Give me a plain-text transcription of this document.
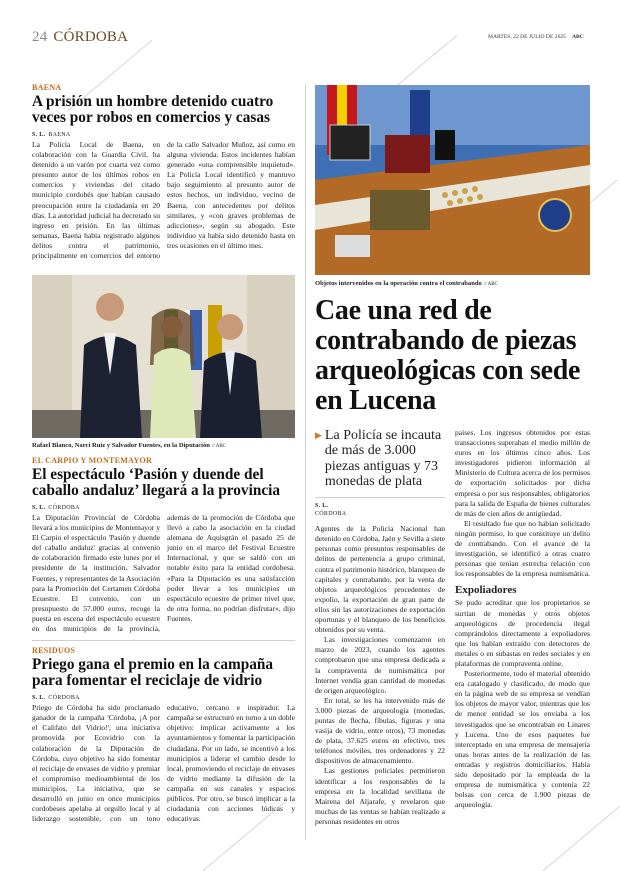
24 CÓRDOBA	MARTES, 22 DE JULIO DE 2025 ABC
BAENA
A prisión un hombre detenido cuatro veces por robos en comercios y casas
S. L. BAENA

La Policía Local de Baena, en colaboración con la Guardia Civil, ha detenido a un varón por cuarta vez como presunto autor de los últimos robos en comercios y viviendas del citado municipio cordobés que habían causado preocupación entre la ciudadanía en 20 días. La autoridad judicial ha decretado su ingreso en prisión. En las últimas semanas, Baena había registrado algunos delitos contra el patrimonio, principalmente en comercios del entorno de la calle Salvador Muñoz, así como en alguna vivienda. Estos incidentes habían generado «una comprensible inquietud». La Policía Local identificó y mantuvo bajo seguimiento al presunto autor de estos hechos, un individuo, vecino de Baena, con antecedentes por delitos similares, y «con graves problemas de adicciones», según su abogado. Este individuo ya había sido detenido hasta en tres ocasiones en el último mes.

Rafael Blanco, Narci Ruiz y Salvador Fuentes, en la Diputación // ABC
EL CARPIO Y MONTEMAYOR
El espectáculo ‘Pasión y duende del caballo andaluz’ llegará a la provincia
S. L. CÓRDOBA

La Diputación Provincial de Córdoba llevará a los municipios de Montemayor y El Carpio el espectáculo 'Pasión y duende del caballo andaluz' gracias al convenio de colaboración firmado este lunes por el presidente de la institución, Salvador Fuentes, y representantes de la Asociación para la Promoción del Certamen Córdoba Ecuestre. El convenio, con un presupuesto de 57.000 euros, recoge la puesta en escena del espectáculo ecuestre en dos municipios de la provincia, además de la promoción de Córdoba que llevó a cabo la asociación en la ciudad alemana de Aquisgrán el pasado 25 de junio en el marco del Festival Ecuestre Internacional, y que se saldó con un notable éxito para la entidad cordobesa. «Para la Diputación es una satisfacción poder llevar a los municipios un espectáculo ecuestre de primer nivel que, de otra forma, no podrían disfrutar», dijo Fuentes.

RESIDUOS
Priego gana el premio en la campaña para fomentar el reciclaje de vidrio
S. L. CÓRDOBA

Priego de Córdoba ha sido proclamado ganador de la campaña 'Córdoba, ¡A por el Califato del Vidrio!'; una iniciativa promovida por Ecovidrio con la colaboración de la Diputación de Córdoba, cuyo objetivo ha sido fomentar el reciclaje de envases de vidrio y premiar el compromiso medioambiental de los municipios. La iniciativa, que se desarrolló en junio en once municipios cordobeses apelaba al orgullo local y al liderazgo sostenible, con un tono educativo, cercano e inspirador. La campaña se estructuró en torno a un doble objetivo: implicar activamente a los ayuntamientos y fomentar la participación ciudadana. Por un lado, se incentivó a los municipios a liderar el cambio desde lo local, promoviendo el reciclaje de envases de vidrio mediante la difusión de la campaña en sus canales y espacios públicos. Por otro, se buscó implicar a la ciudadanía con acciones lúdicas y educativas.

Objetos intervenidos en la operación contra el contrabando // ABC
Cae una red de contrabando de piezas arqueológicas con sede en Lucena
▶ La Policía se incauta de más de 3.000 piezas antiguas y 73 monedas de plata
S. L.
CÓRDOBA

Agentes de la Policía Nacional han detenido en Córdoba, Jaén y Sevilla a siete personas como presuntos responsables de delitos de pertenencia a grupo criminal, contra el patrimonio histórico, blanqueo de capitales y contrabando, por la venta de objetos arqueológicos procedentes de expolio, la exportación de gran parte de ellos sin las autorizaciones de exportación oportunas y el blanqueo de los beneficios obtenidos por su venta.

Las investigaciones comenzaron en marzo de 2023, cuando los agentes comprobaron que una empresa dedicada a la compraventa de numismática por Internet vendía gran cantidad de monedas de origen arqueológico.

En total, se les ha intervenido más de 3.000 piezas de arqueología (monedas, puntas de flecha, fíbulas, figuras y una vasija de vidrio, entre otros), 73 monedas de plata, 37.625 euros en efectivo, tres teléfonos móviles, tres ordenadores y 22 dispositivos de almacenamiento.

Las gestiones policiales permitieron identificar a los responsables de la empresa en la localidad sevillana de Mairena del Aljarafe, y revelaron que muchas de las ventas se habían realizado a personas residentes en otros

países. Los ingresos obtenidos por estas transacciones superaban el medio millón de euros en los últimos cinco años. Los investigadores pidieron información al Ministerio de Cultura acerca de los permisos de exportación solicitados por dicha empresa o por sus responsables, obligatorios para la salida de España de bienes culturales de más de cien años de antigüedad.

El resultado fue que no habían solicitado ningún permiso, lo que constituye un delito de contrabando. Con el avance de la investigación, se identificó a otras cuatro personas que tenían estrecha relación con los responsables de la empresa numismática.

Expoliadores

Se pudo acreditar que los propietarios se surtían de monedas y otros objetos arqueológicos de procedencia ilegal comprándolos directamente a expoliadores que los habían extraído con detectores de metales o en subastas en redes sociales y en plataformas de compraventa online.

Posteriormente, todo el material obtenido era catalogado y clasificado, de modo que en la página web de su empresa se vendían los objetos de mayor valor, mientras que los de menor entidad se los enviaba a los investigados que se encontraban en Linares y Lucena. Uno de esos paquetes fue interceptado en una empresa de mensajería unas horas antes de la realización de las entradas y registros domiciliarios. Había sido depositado por la empleada de la empresa de numismática y contenía 22 bolsas con cerca de 1.900 piezas de arqueología.
